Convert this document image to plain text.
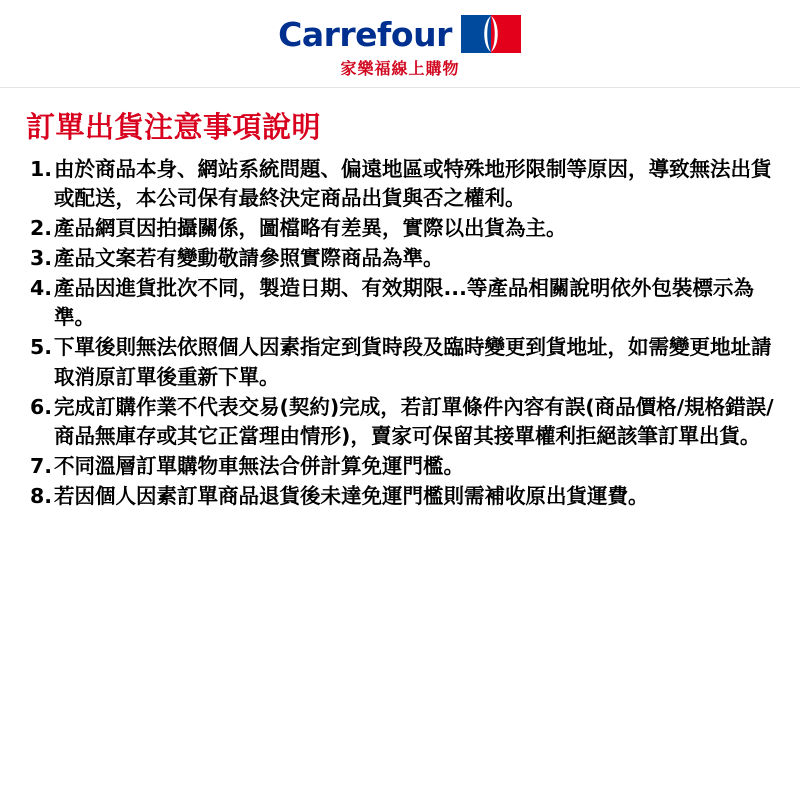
Carrefour
家樂福線上購物
訂單出貨注意事項說明
1. 由於商品本身、網站系統問題、偏遠地區或特殊地形限制等原因，導致無法出貨或配送，本公司保有最終決定商品出貨與否之權利。
2. 產品網頁因拍攝關係，圖檔略有差異，實際以出貨為主。
3. 產品文案若有變動敬請參照實際商品為準。
4. 產品因進貨批次不同，製造日期、有效期限...等產品相關說明依外包裝標示為準。
5. 下單後則無法依照個人因素指定到貨時段及臨時變更到貨地址，如需變更地址請取消原訂單後重新下單。
6. 完成訂購作業不代表交易(契約)完成，若訂單條件內容有誤(商品價格/規格錯誤/商品無庫存或其它正當理由情形)，賣家可保留其接單權利拒絕該筆訂單出貨。
7. 不同溫層訂單購物車無法合併計算免運門檻。
8. 若因個人因素訂單商品退貨後未達免運門檻則需補收原出貨運費。
